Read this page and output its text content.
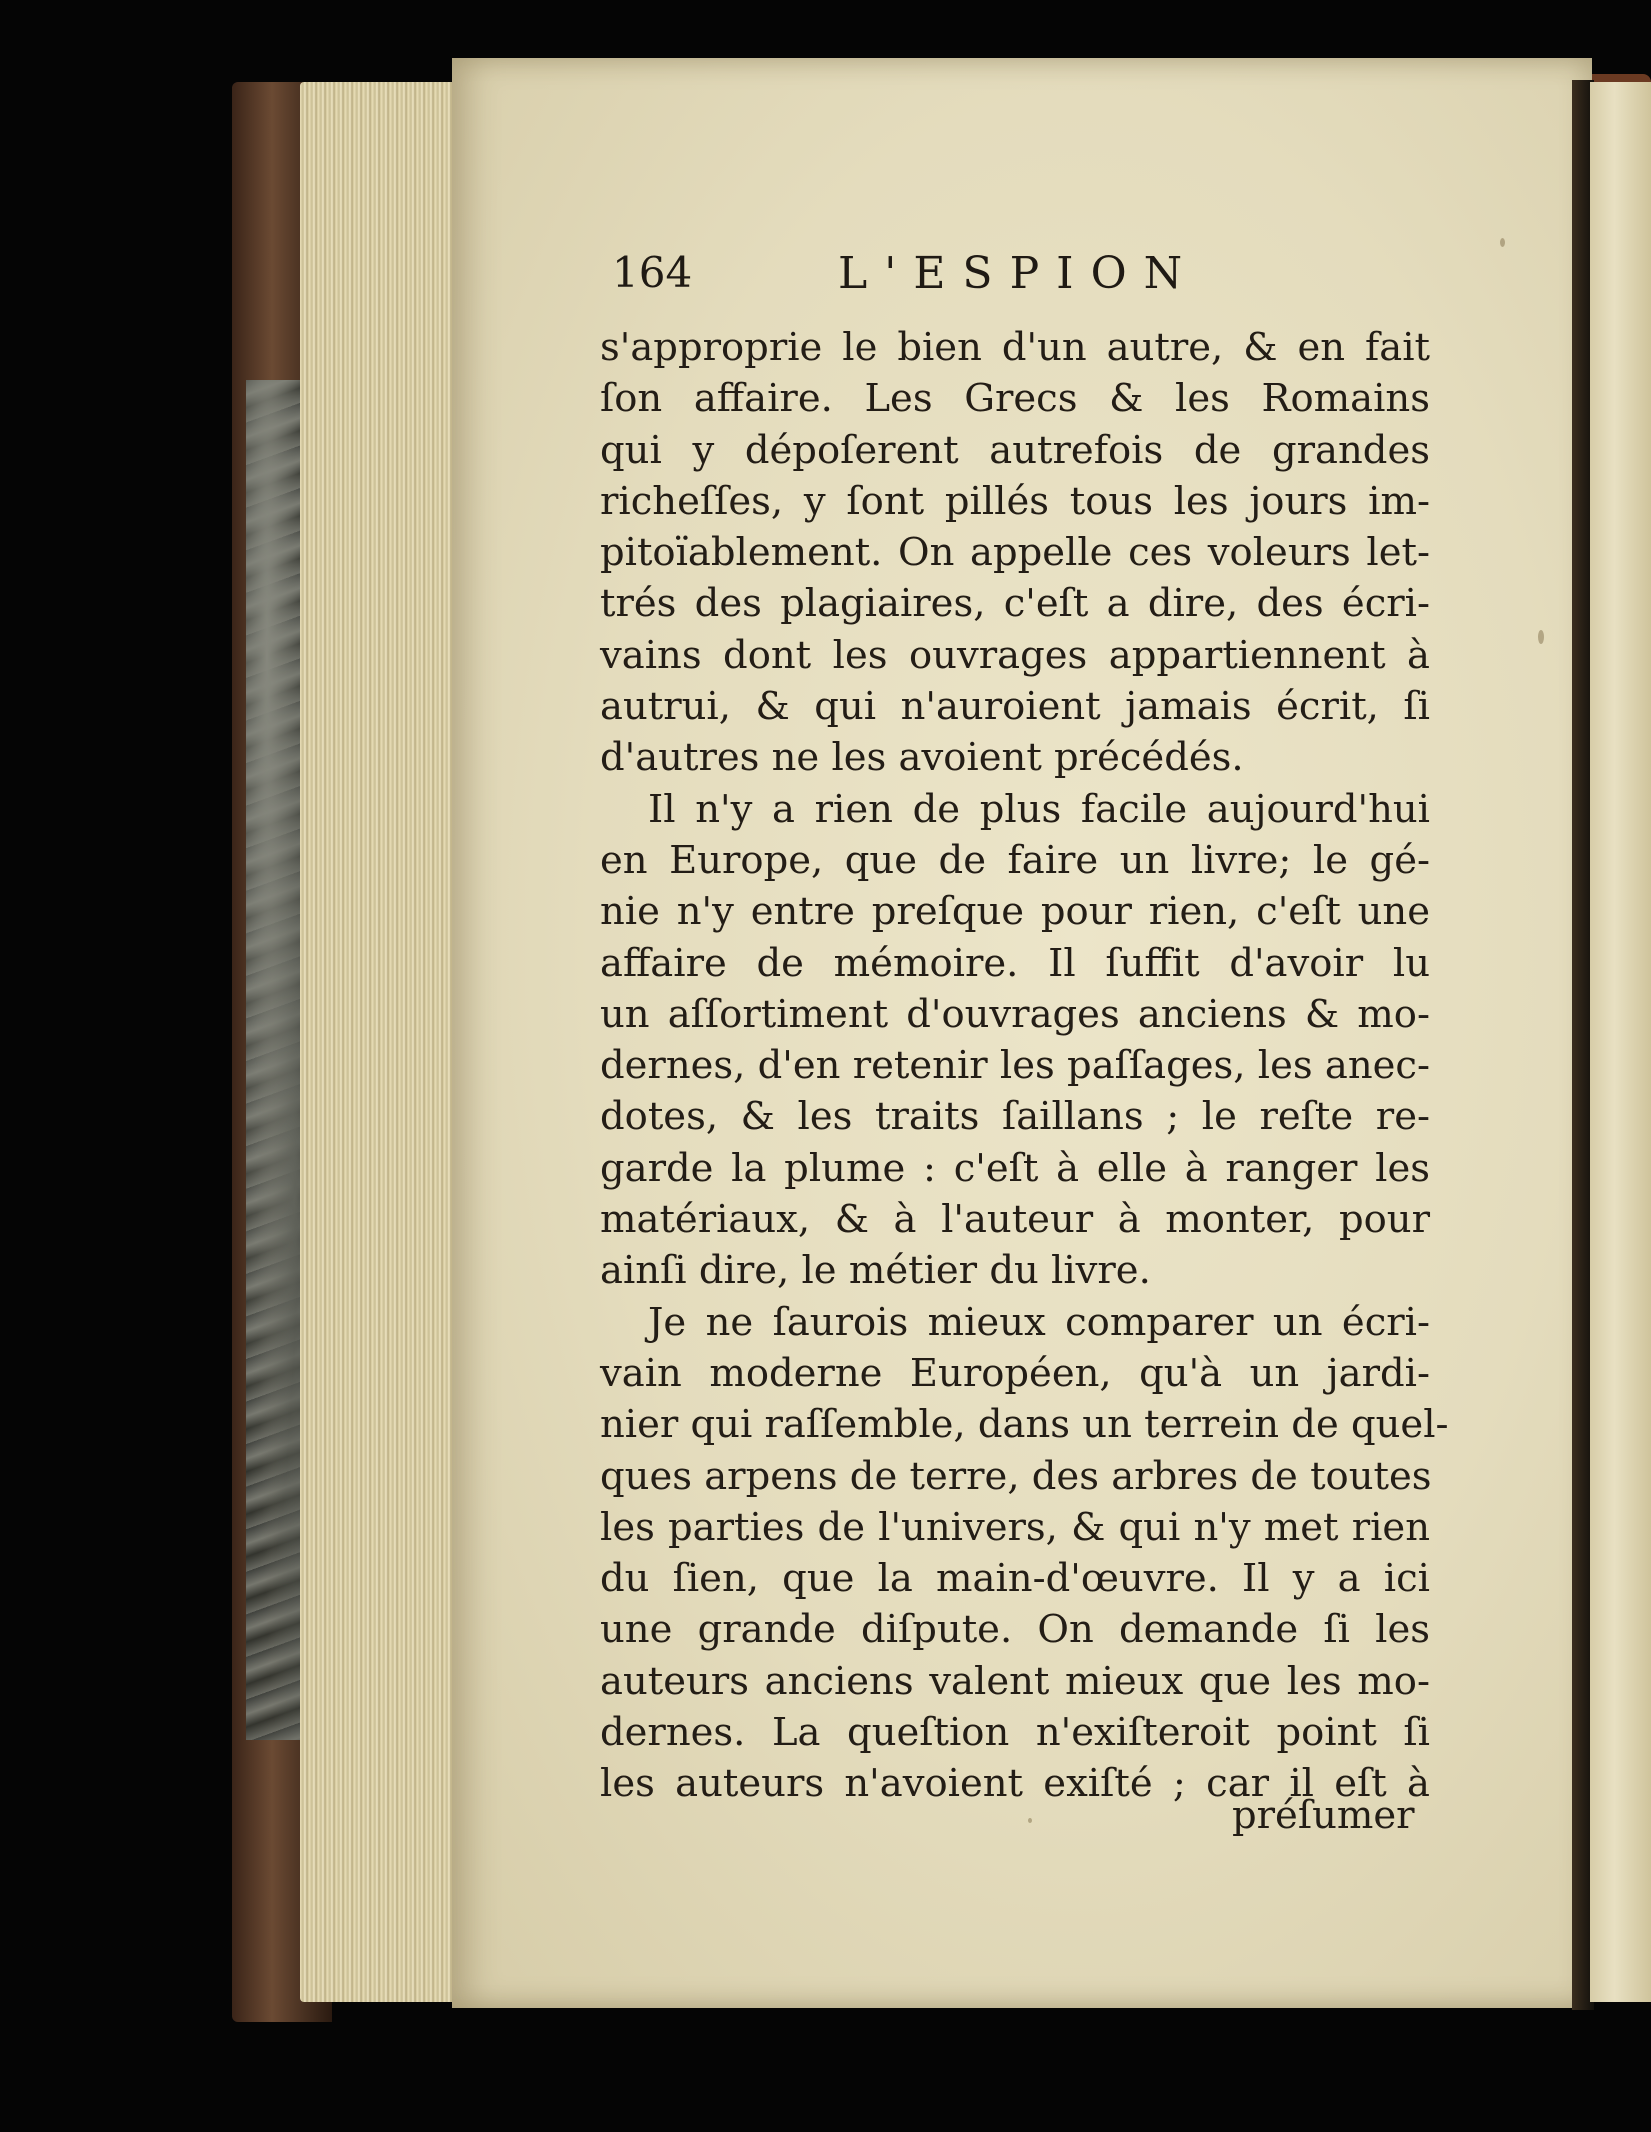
164	L'ESPION
s'approprie le bien d'un autre, & en fait
ſon affaire. Les Grecs & les Romains
qui y dépoſerent autrefois de grandes
richeſſes, y ſont pillés tous les jours im-
pitoïablement. On appelle ces voleurs let-
trés des plagiaires, c'eſt a dire, des écri-
vains dont les ouvrages appartiennent à
autrui, & qui n'auroient jamais écrit, ſi
d'autres ne les avoient précédés.
Il n'y a rien de plus facile aujourd'hui
en Europe, que de faire un livre; le gé-
nie n'y entre preſque pour rien, c'eſt une
affaire de mémoire. Il ſuffit d'avoir lu
un aſſortiment d'ouvrages anciens & mo-
dernes, d'en retenir les paſſages, les anec-
dotes, & les traits ſaillans ; le reſte re-
garde la plume : c'eſt à elle à ranger les
matériaux, & à l'auteur à monter, pour
ainſi dire, le métier du livre.
Je ne ſaurois mieux comparer un écri-
vain moderne Européen, qu'à un jardi-
nier qui raſſemble, dans un terrein de quel-
ques arpens de terre, des arbres de toutes
les parties de l'univers, & qui n'y met rien
du ſien, que la main-d'œuvre. Il y a ici
une grande diſpute. On demande ſi les
auteurs anciens valent mieux que les mo-
dernes. La queſtion n'exiſteroit point ſi
les auteurs n'avoient exiſté ; car il eſt à
préſumer
